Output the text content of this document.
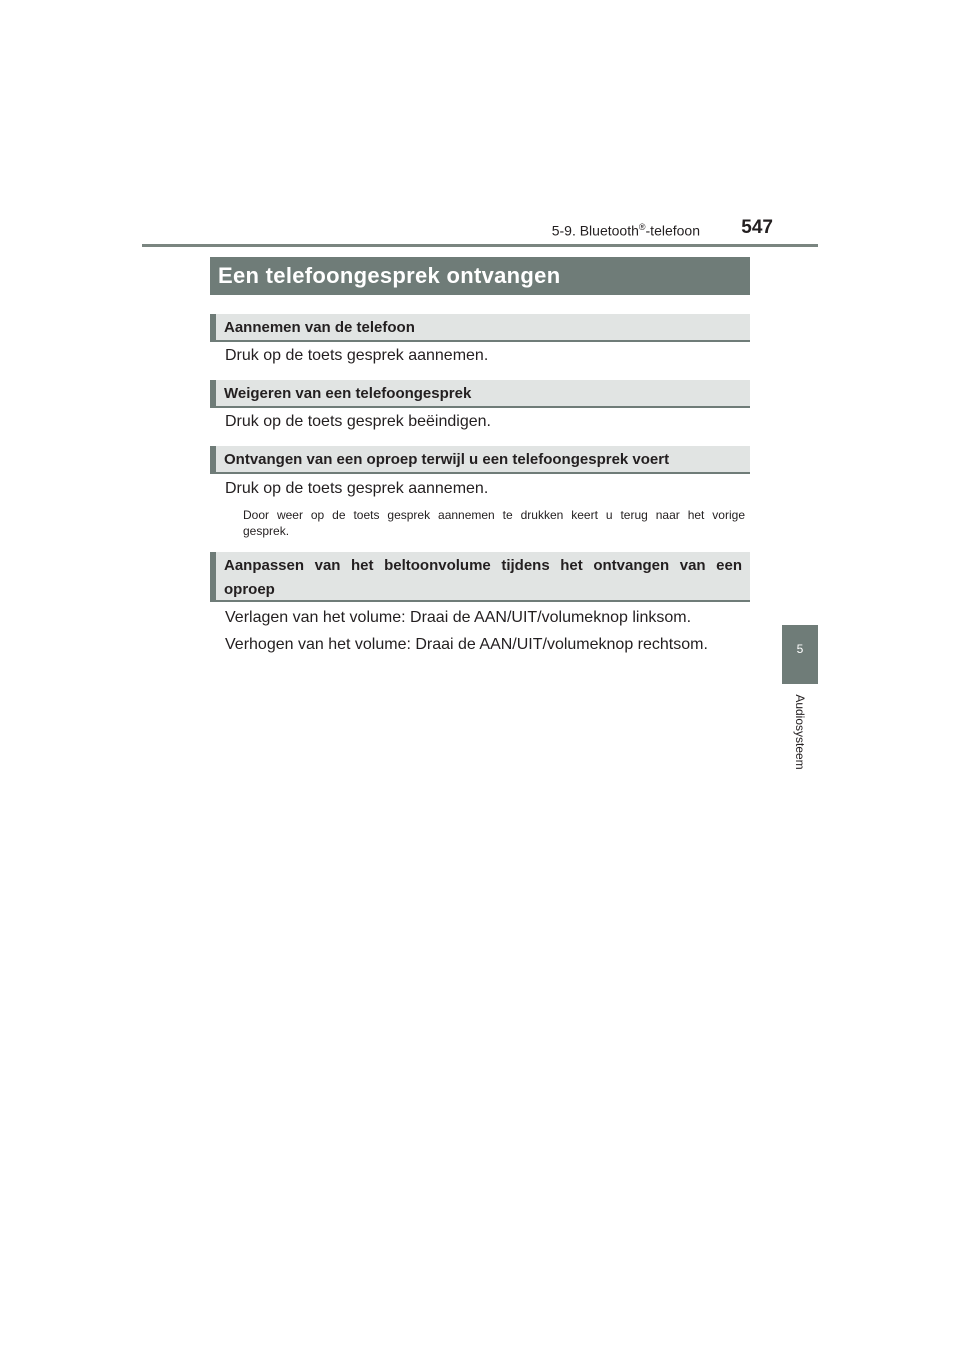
5-9. Bluetooth®-telefoon 547
5
Audiosysteem
Een telefoongesprek ontvangen
Aannemen van de telefoon
Druk op de toets gesprek aannemen.
Weigeren van een telefoongesprek
Druk op de toets gesprek beëindigen.
Ontvangen van een oproep terwijl u een telefoongesprek voert
Druk op de toets gesprek aannemen.
Door weer op de toets gesprek aannemen te drukken keert u terug naar het vorige gesprek.
Aanpassen van het beltoonvolume tijdens het ontvangen van een oproep
Verlagen van het volume: Draai de AAN/UIT/volumeknop linksom.
Verhogen van het volume: Draai de AAN/UIT/volumeknop rechtsom.
